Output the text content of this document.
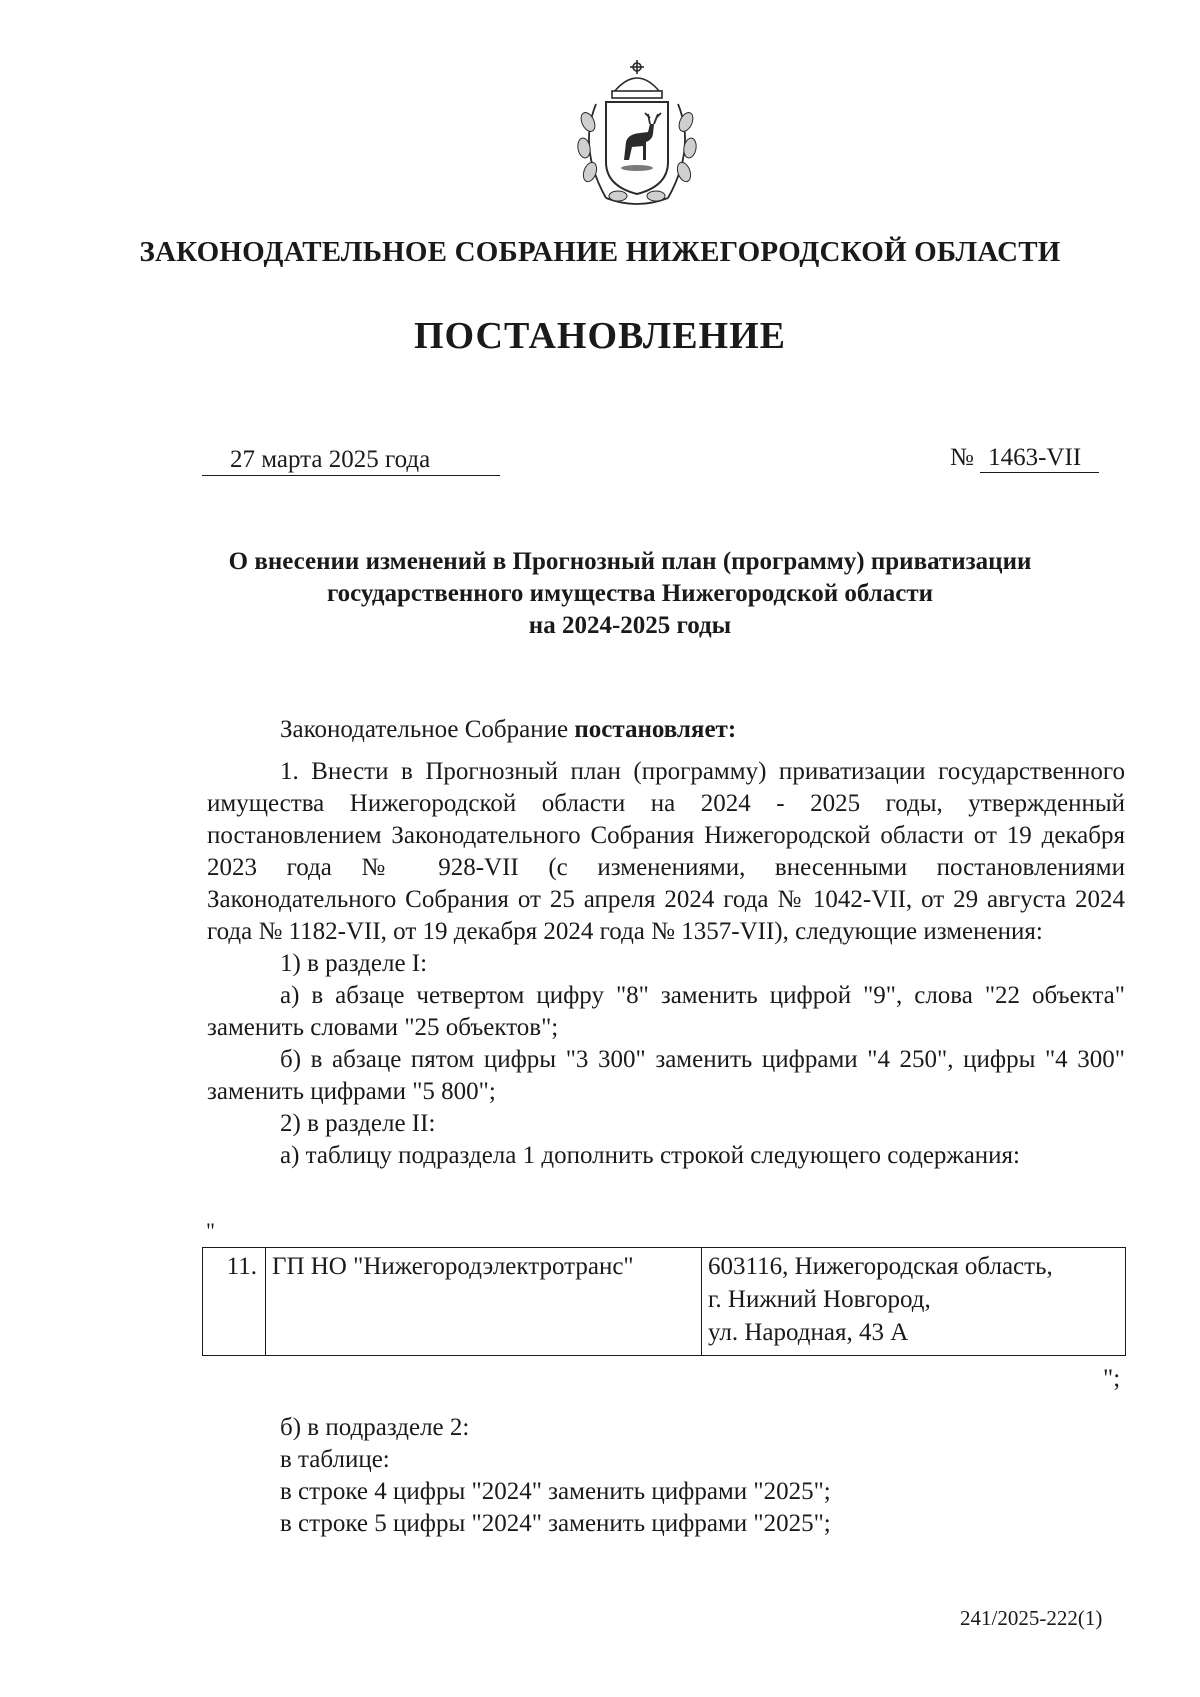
ЗАКОНОДАТЕЛЬНОЕ СОБРАНИЕ НИЖЕГОРОДСКОЙ ОБЛАСТИ
ПОСТАНОВЛЕНИЕ
27 марта 2025 года	№ 1463-VII
О внесении изменений в Прогнозный план (программу) приватизации
государственного имущества Нижегородской области
на 2024-2025 годы
Законодательное Собрание постановляет:
1. Внести в Прогнозный план (программу) приватизации государственного имущества Нижегородской области на 2024 - 2025 годы, утвержденный постановлением Законодательного Собрания Нижегородской области от 19 декабря 2023 года № 928-VII (с изменениями, внесенными постановлениями Законодательного Собрания от 25 апреля 2024 года № 1042-VII, от 29 августа 2024 года № 1182-VII, от 19 декабря 2024 года № 1357-VII), следующие изменения:
1) в разделе I:
а) в абзаце четвертом цифру "8" заменить цифрой "9", слова "22 объекта" заменить словами "25 объектов";
б) в абзаце пятом цифры "3 300" заменить цифрами "4 250", цифры "4 300" заменить цифрами "5 800";
2) в разделе II:
а) таблицу подраздела 1 дополнить строкой следующего содержания:
"
11.	ГП НО "Нижегородэлектротранс"	603116, Нижегородская область,
г. Нижний Новгород,
ул. Народная, 43 А
";
б) в подразделе 2:
в таблице:
в строке 4 цифры "2024" заменить цифрами "2025";
в строке 5 цифры "2024" заменить цифрами "2025";
241/2025-222(1)
